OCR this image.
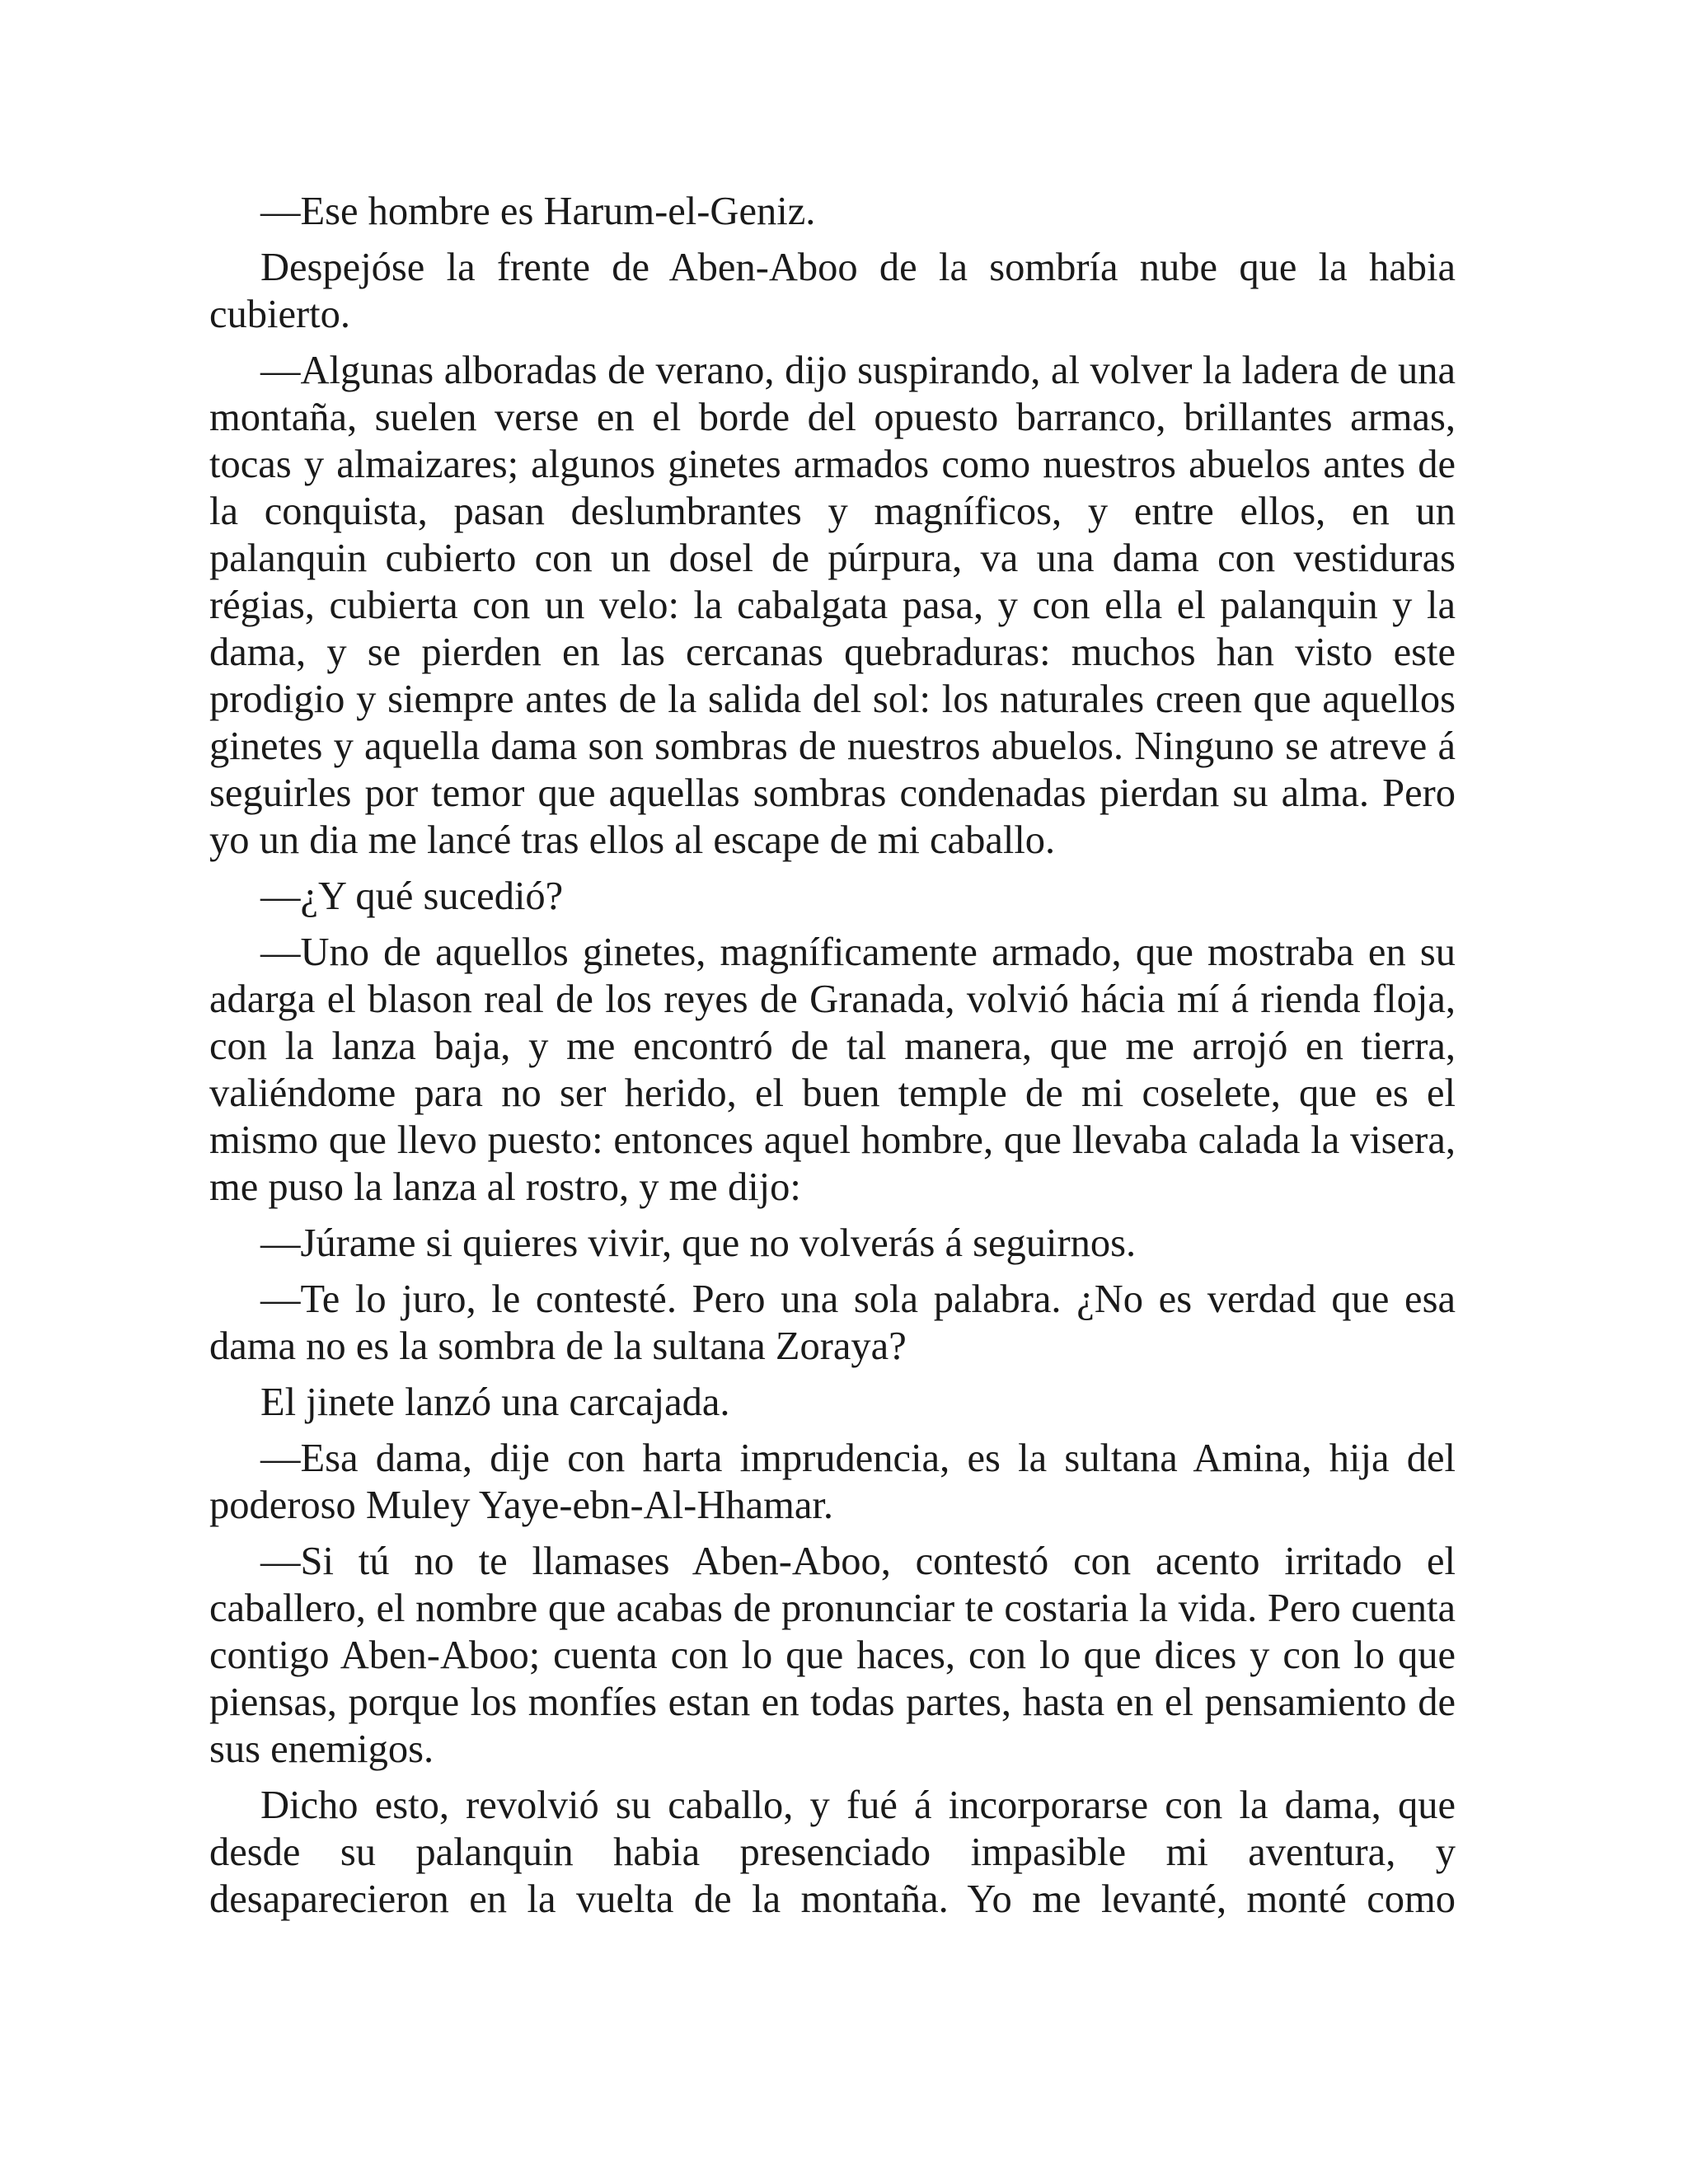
—Ese hombre es Harum-el-Geniz.

Despejóse la frente de Aben-Aboo de la sombría nube que la habia cubierto.

—Algunas alboradas de verano, dijo suspirando, al volver la ladera de una montaña, suelen verse en el borde del opuesto barranco, brillantes armas, tocas y almaizares; algunos ginetes armados como nuestros abuelos antes de la conquista, pasan deslumbrantes y magníficos, y entre ellos, en un palanquin cubierto con un dosel de púrpura, va una dama con vestiduras régias, cubierta con un velo: la cabalgata pasa, y con ella el palanquin y la dama, y se pierden en las cercanas quebraduras: muchos han visto este prodigio y siempre antes de la salida del sol: los naturales creen que aquellos ginetes y aquella dama son sombras de nuestros abuelos. Ninguno se atreve á seguirles por temor que aquellas sombras condenadas pierdan su alma. Pero yo un dia me lancé tras ellos al escape de mi caballo.

—¿Y qué sucedió?

—Uno de aquellos ginetes, magníficamente armado, que mostraba en su adarga el blason real de los reyes de Granada, volvió hácia mí á rienda floja, con la lanza baja, y me encontró de tal manera, que me arrojó en tierra, valiéndome para no ser herido, el buen temple de mi coselete, que es el mismo que llevo puesto: entonces aquel hombre, que llevaba calada la visera, me puso la lanza al rostro, y me dijo:

—Júrame si quieres vivir, que no volverás á seguirnos.

—Te lo juro, le contesté. Pero una sola palabra. ¿No es verdad que esa dama no es la sombra de la sultana Zoraya?

El jinete lanzó una carcajada.

—Esa dama, dije con harta imprudencia, es la sultana Amina, hija del poderoso Muley Yaye-ebn-Al-Hhamar.

—Si tú no te llamases Aben-Aboo, contestó con acento irritado el caballero, el nombre que acabas de pronunciar te costaria la vida. Pero cuenta contigo Aben-Aboo; cuenta con lo que haces, con lo que dices y con lo que piensas, porque los monfíes estan en todas partes, hasta en el pensamiento de sus enemigos.

Dicho esto, revolvió su caballo, y fué á incorporarse con la dama, que desde su palanquin habia presenciado impasible mi aventura, y desaparecieron en la vuelta de la montaña. Yo me levanté, monté como
